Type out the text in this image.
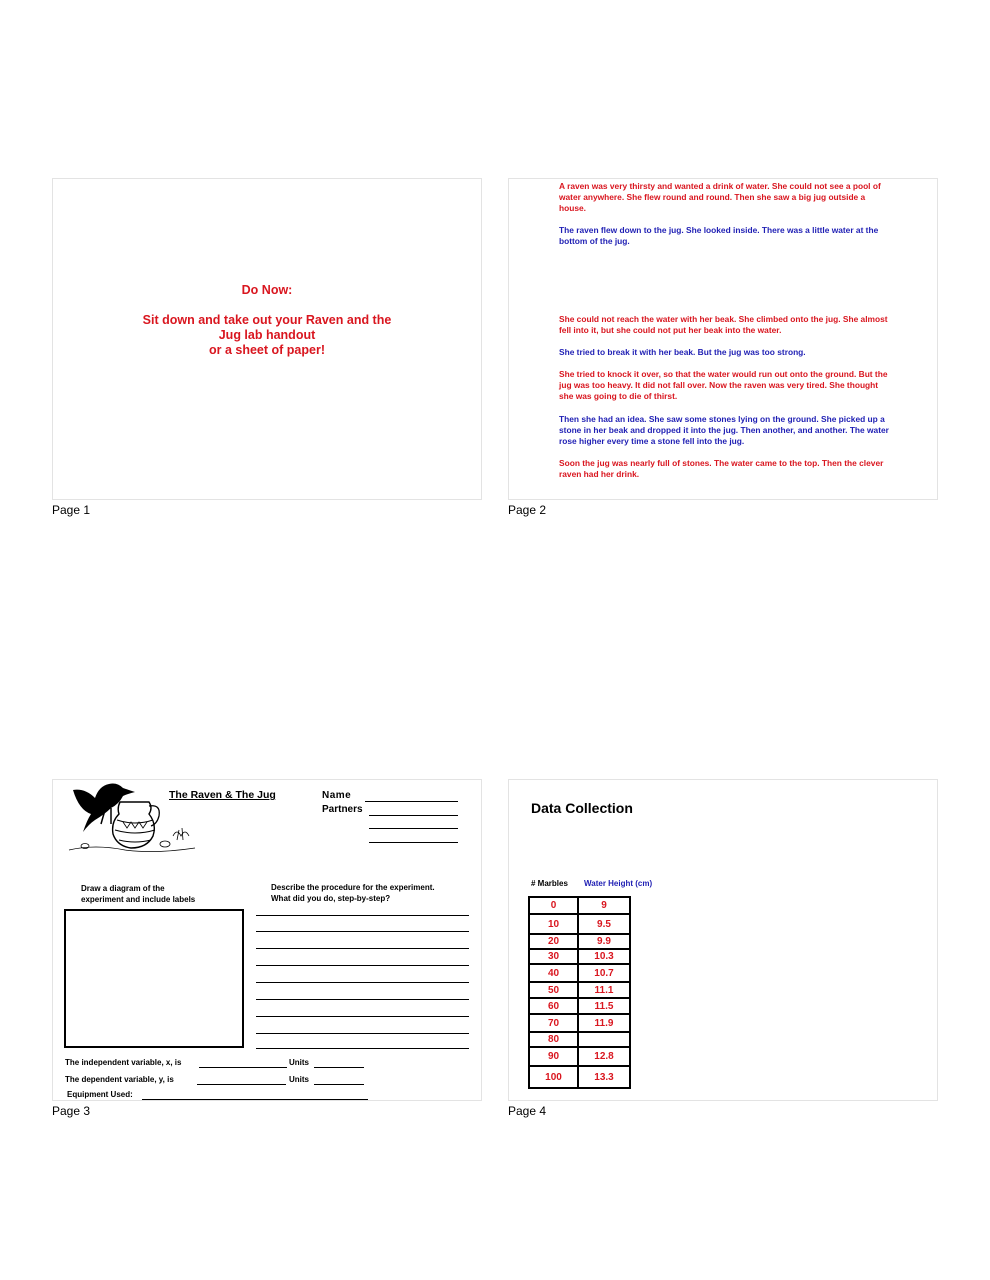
Do Now:
Sit down and take out your Raven and the
Jug lab handout
or a sheet of paper!
Page 1

A raven was very thirsty and wanted a drink of water. She could not see a pool of water anywhere. She flew round and round. Then she saw a big jug outside a house.

The raven flew down to the jug. She looked inside. There was a little water at the bottom of the jug.

She could not reach the water with her beak. She climbed onto the jug. She almost fell into it, but she could not put her beak into the water.

She tried to break it with her beak. But the jug was too strong.

She tried to knock it over, so that the water would run out onto the ground. But the jug was too heavy. It did not fall over. Now the raven was very tired. She thought she was going to die of thirst.

Then she had an idea. She saw some stones lying on the ground. She picked up a stone in her beak and dropped it into the jug. Then another, and another. The water rose higher every time a stone fell into the jug.

Soon the jug was nearly full of stones. The water came to the top. Then the clever raven had her drink.

Page 2
The Raven & The Jug	Name
Partners
Draw a diagram of the
experiment and include labels
Describe the procedure for the experiment.
What did you do, step-by-step?
The independent variable, x, is	Units
The dependent variable, y, is	Units
Equipment Used:
Page 3
Data Collection
# Marbles Water Height (cm)
0	9
10	9.5
20	9.9
30	10.3
40	10.7
50	11.1
60	11.5
70	11.9
80	
90	12.8
100	13.3
Page 4
